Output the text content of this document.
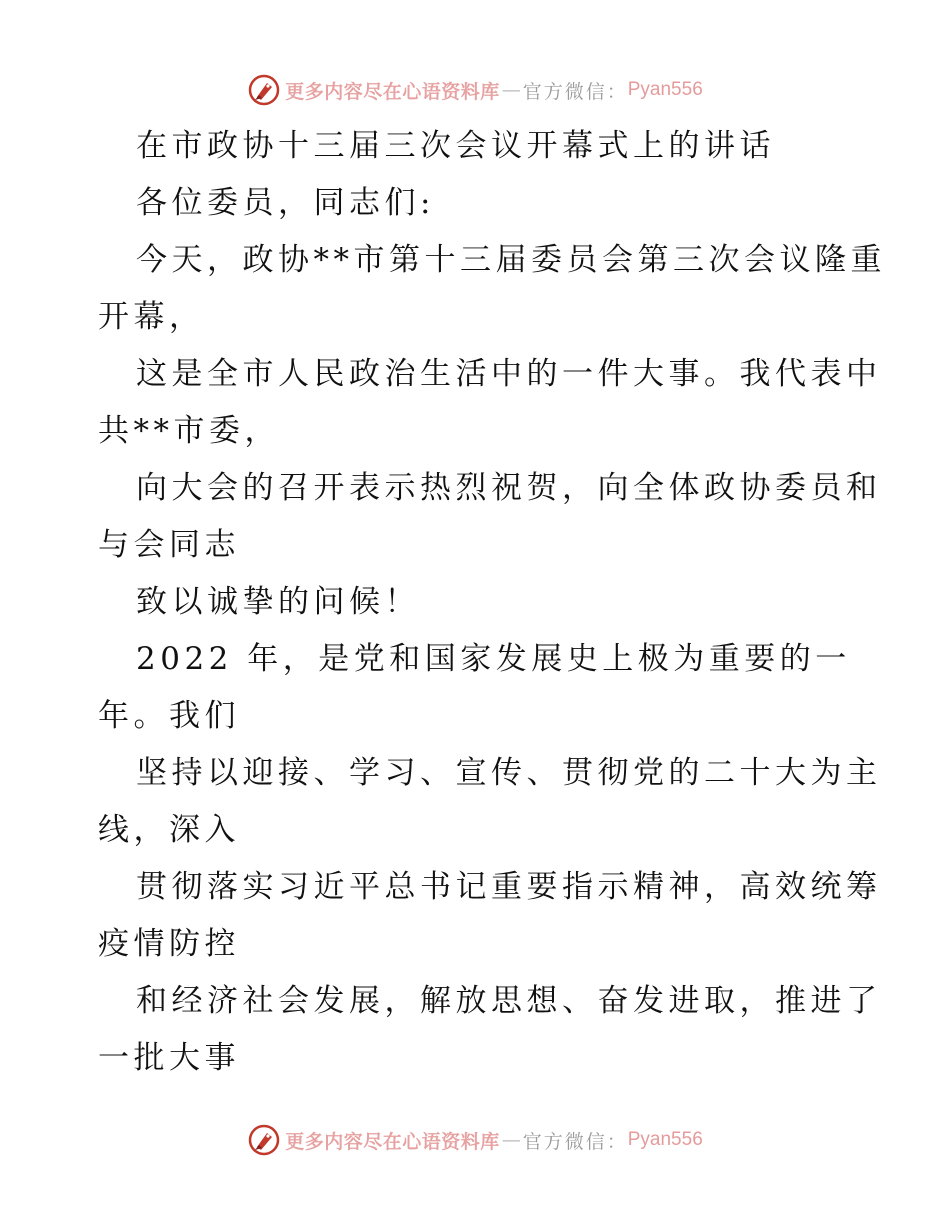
更多内容尽在心语资料库 — 官方微信： Pyan556
在市政协十三届三次会议开幕式上的讲话
各位委员，同志们:
今天，政协**市第十三届委员会第三次会议隆重
开幕，
这是全市人民政治生活中的一件大事。我代表中
共**市委，
向大会的召开表示热烈祝贺，向全体政协委员和
与会同志
致以诚挚的问候！
2022 年，是党和国家发展史上极为重要的一
年。我们
坚持以迎接、学习、宣传、贯彻党的二十大为主
线，深入
贯彻落实习近平总书记重要指示精神，高效统筹
疫情防控
和经济社会发展，解放思想、奋发进取，推进了
一批大事
更多内容尽在心语资料库 — 官方微信： Pyan556
